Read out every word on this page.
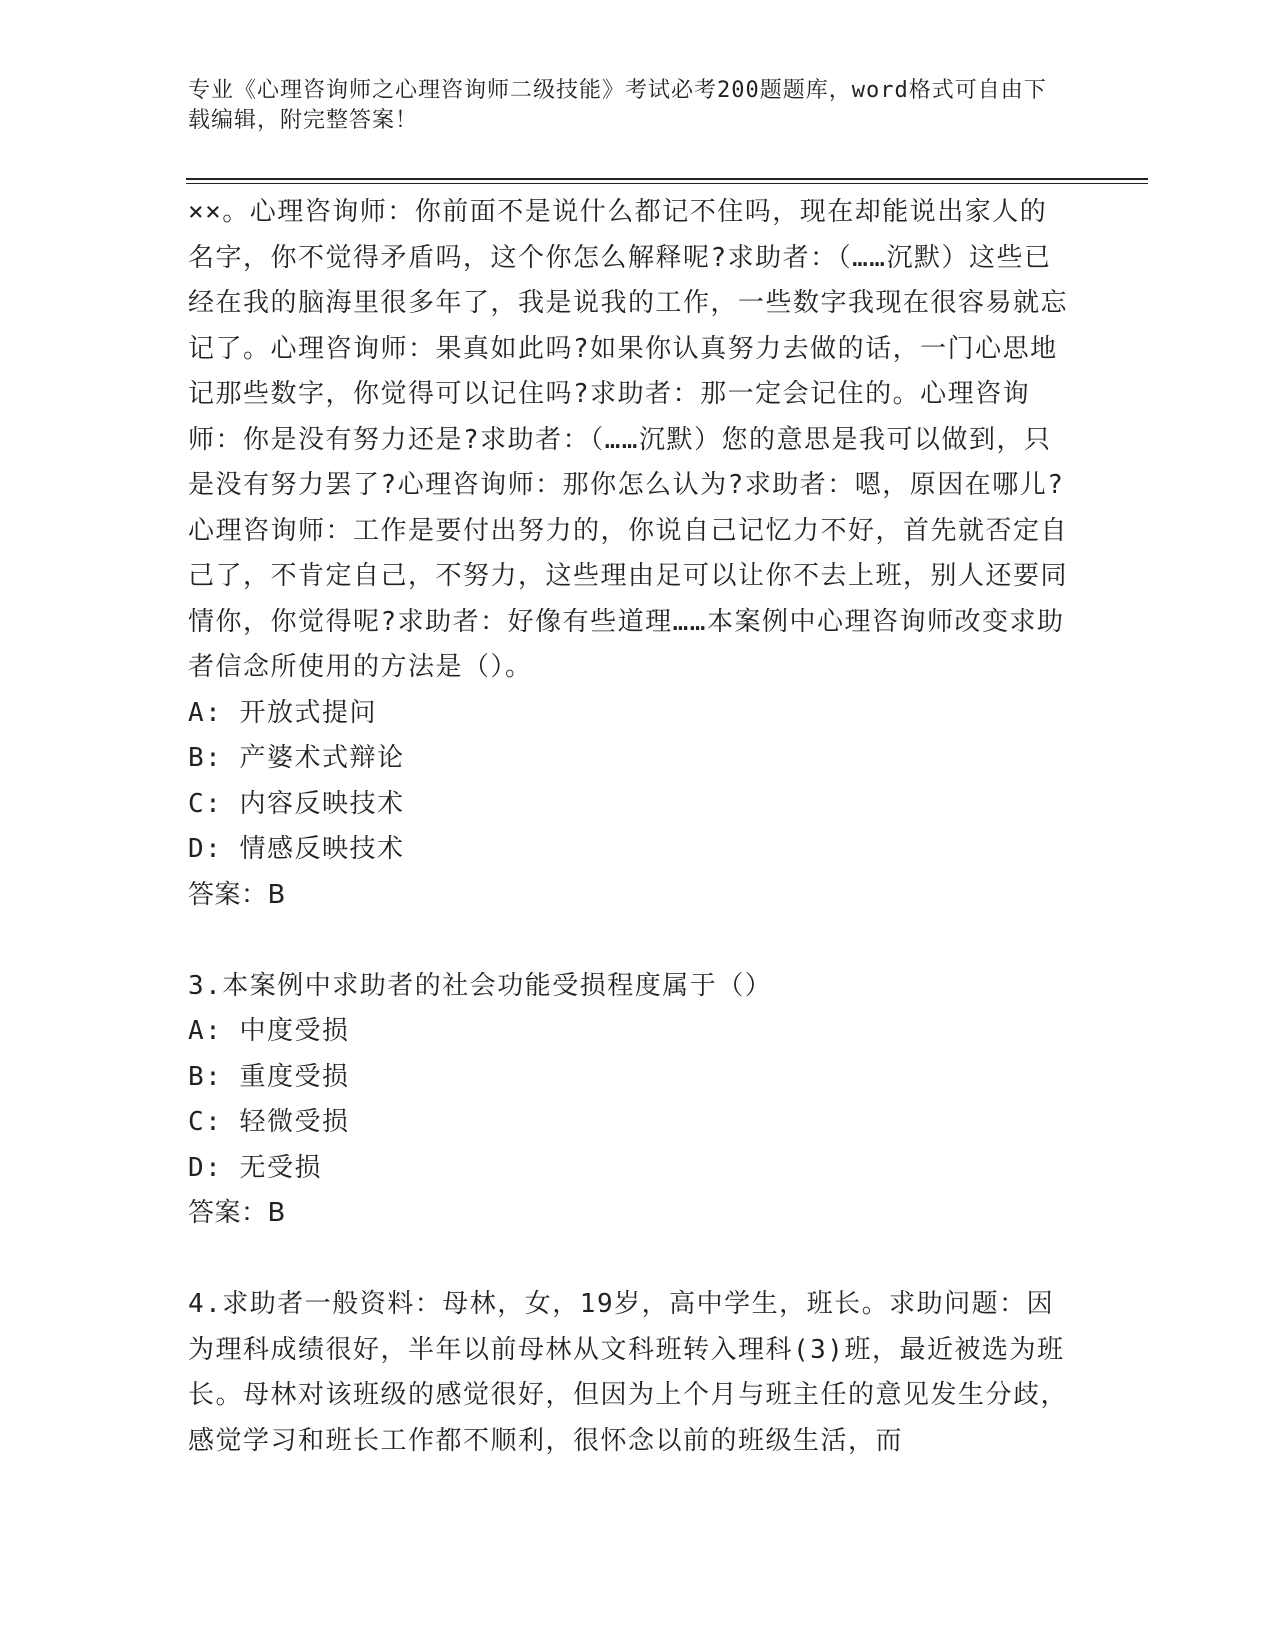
专业《心理咨询师之心理咨询师二级技能》考试必考200题题库，word格式可自由下载编辑，附完整答案！

××。心理咨询师：你前面不是说什么都记不住吗，现在却能说出家人的名字，你不觉得矛盾吗，这个你怎么解释呢?求助者：（……沉默）这些已经在我的脑海里很多年了，我是说我的工作，一些数字我现在很容易就忘记了。心理咨询师：果真如此吗?如果你认真努力去做的话，一门心思地记那些数字，你觉得可以记住吗?求助者：那一定会记住的。心理咨询师：你是没有努力还是?求助者：（……沉默）您的意思是我可以做到，只是没有努力罢了?心理咨询师：那你怎么认为?求助者：嗯，原因在哪儿?心理咨询师：工作是要付出努力的，你说自己记忆力不好，首先就否定自己了，不肯定自己，不努力，这些理由足可以让你不去上班，别人还要同情你，你觉得呢?求助者：好像有些道理……本案例中心理咨询师改变求助者信念所使用的方法是（）。

A: 开放式提问

B: 产婆术式辩论

C: 内容反映技术

D: 情感反映技术

答案：B

3.本案例中求助者的社会功能受损程度属于（）

A: 中度受损

B: 重度受损

C: 轻微受损

D: 无受损

答案：B

4.求助者一般资料：母林，女，19岁，高中学生，班长。求助问题：因为理科成绩很好，半年以前母林从文科班转入理科(3)班，最近被选为班长。母林对该班级的感觉很好，但因为上个月与班主任的意见发生分歧，感觉学习和班长工作都不顺利，很怀念以前的班级生活，而
